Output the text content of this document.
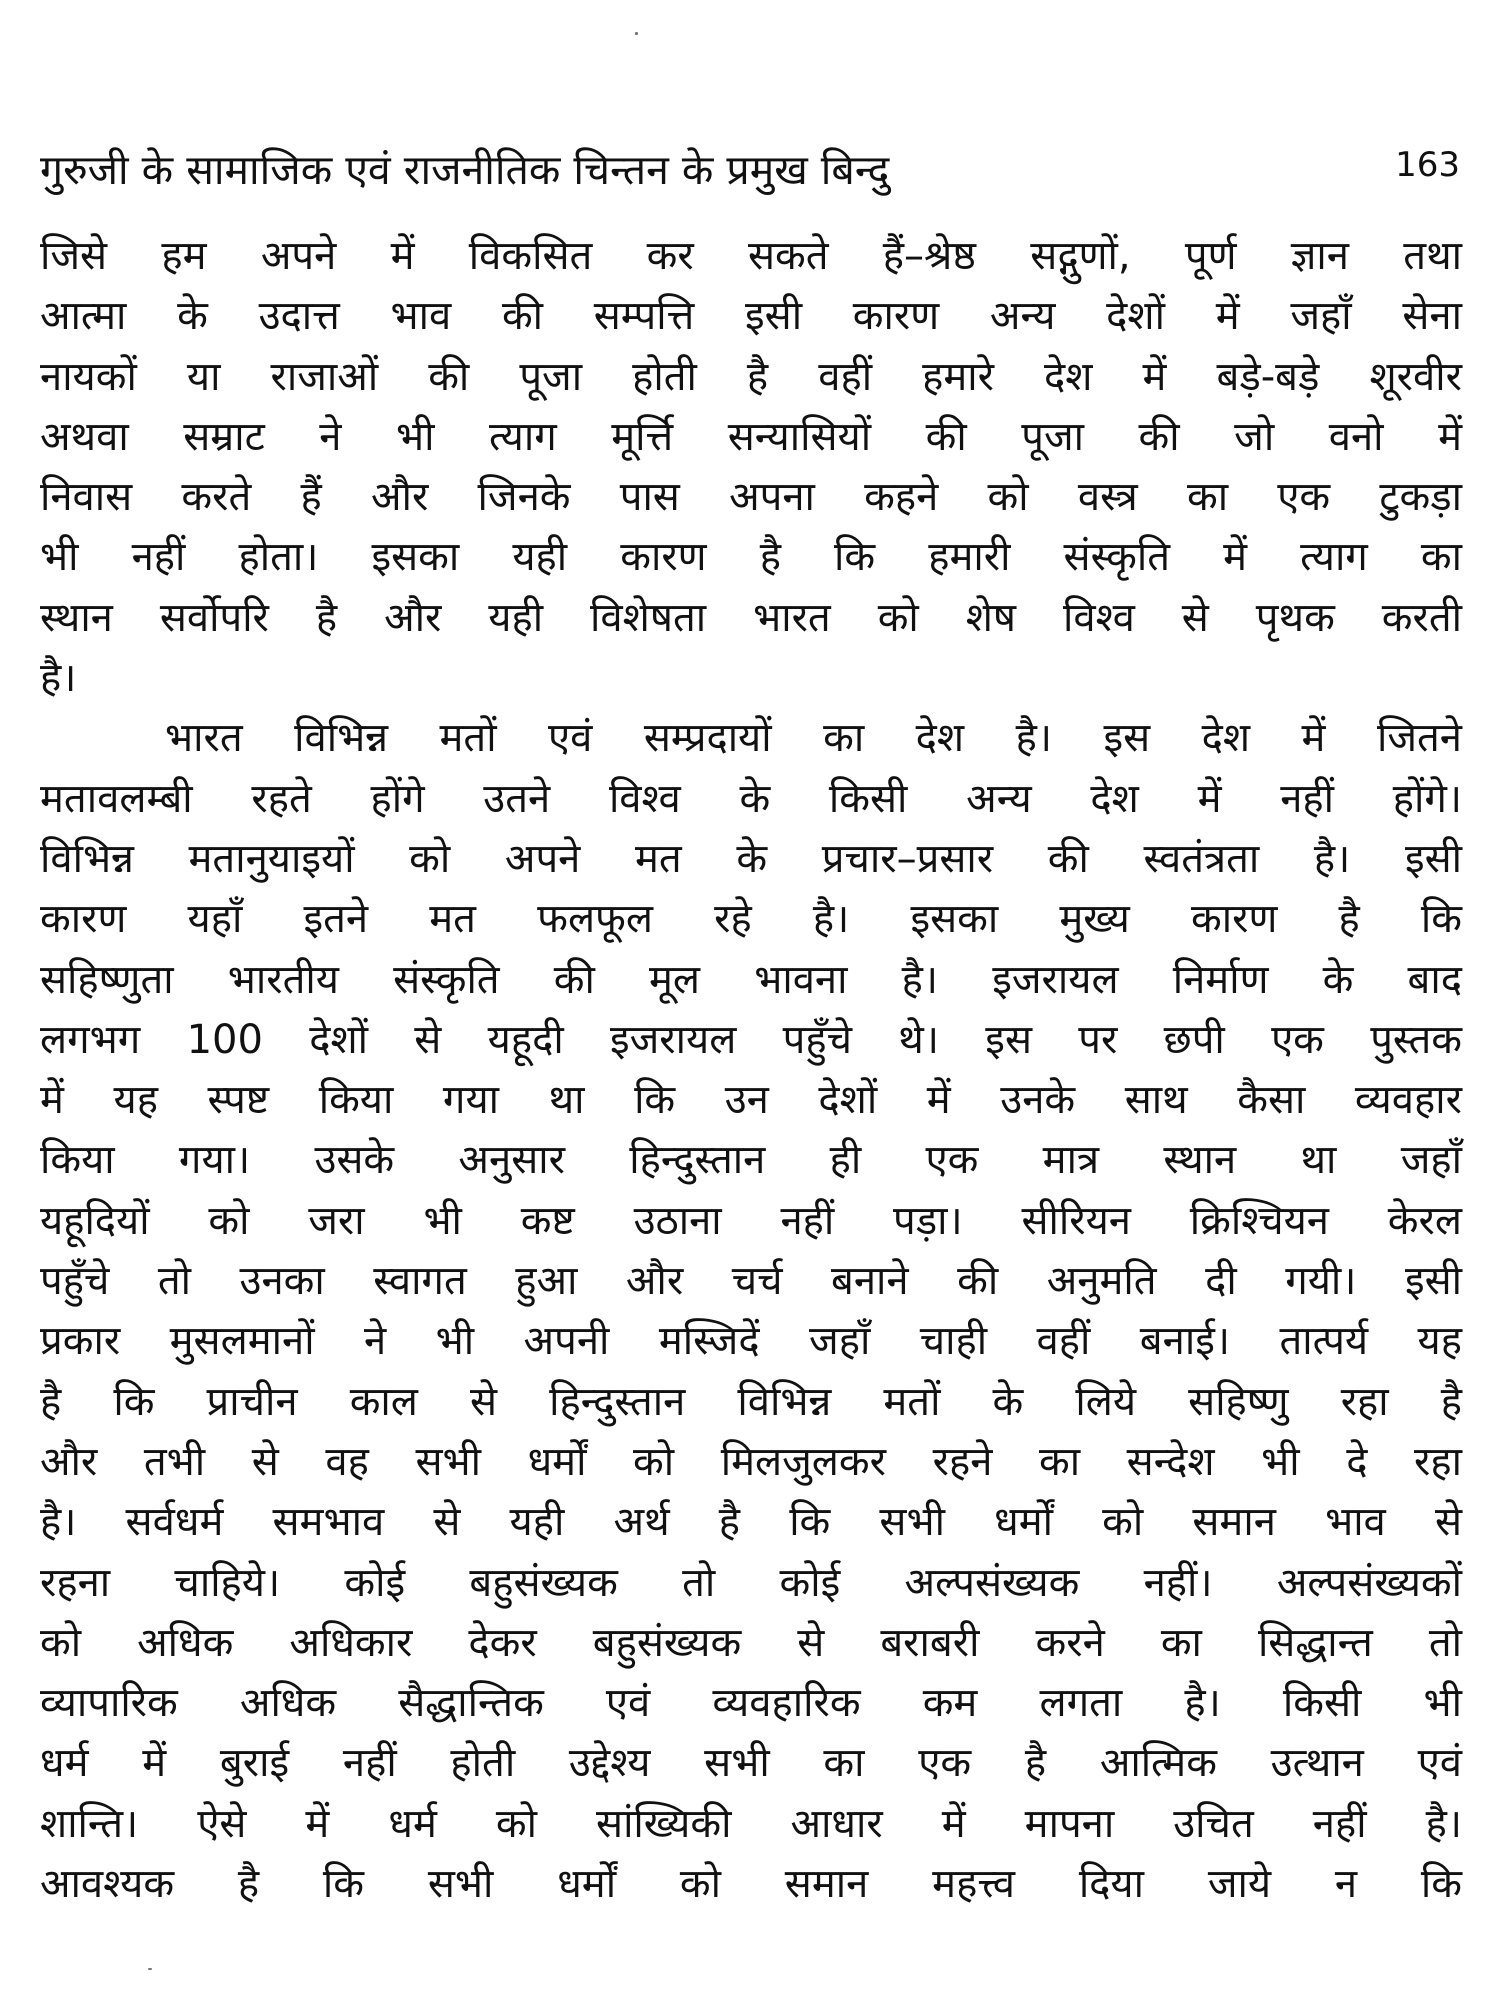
गुरुजी के सामाजिक एवं राजनीतिक चिन्तन के प्रमुख बिन्दु	163
जिसे हम अपने में विकसित कर सकते हैं–श्रेष्ठ सद्गुणों, पूर्ण ज्ञान तथा
आत्मा के उदात्त भाव की सम्पत्ति इसी कारण अन्य देशों में जहाँ सेना
नायकों या राजाओं की पूजा होती है वहीं हमारे देश में बड़े-बड़े शूरवीर
अथवा सम्राट ने भी त्याग मूर्त्ति सन्यासियों की पूजा की जो वनो में
निवास करते हैं और जिनके पास अपना कहने को वस्त्र का एक टुकड़ा
भी नहीं होता। इसका यही कारण है कि हमारी संस्कृति में त्याग का
स्थान सर्वोपरि है और यही विशेषता भारत को शेष विश्व से पृथक करती
है।
भारत विभिन्न मतों एवं सम्प्रदायों का देश है। इस देश में जितने
मतावलम्बी रहते होंगे उतने विश्व के किसी अन्य देश में नहीं होंगे।
विभिन्न मतानुयाइयों को अपने मत के प्रचार–प्रसार की स्वतंत्रता है। इसी
कारण यहाँ इतने मत फलफूल रहे है। इसका मुख्य कारण है कि
सहिष्णुता भारतीय संस्कृति की मूल भावना है। इजरायल निर्माण के बाद
लगभग 100 देशों से यहूदी इजरायल पहुँचे थे। इस पर छपी एक पुस्तक
में यह स्पष्ट किया गया था कि उन देशों में उनके साथ कैसा व्यवहार
किया गया। उसके अनुसार हिन्दुस्तान ही एक मात्र स्थान था जहाँ
यहूदियों को जरा भी कष्ट उठाना नहीं पड़ा। सीरियन क्रिश्चियन केरल
पहुँचे तो उनका स्वागत हुआ और चर्च बनाने की अनुमति दी गयी। इसी
प्रकार मुसलमानों ने भी अपनी मस्जिदें जहाँ चाही वहीं बनाई। तात्पर्य यह
है कि प्राचीन काल से हिन्दुस्तान विभिन्न मतों के लिये सहिष्णु रहा है
और तभी से वह सभी धर्मों को मिलजुलकर रहने का सन्देश भी दे रहा
है। सर्वधर्म समभाव से यही अर्थ है कि सभी धर्मों को समान भाव से
रहना चाहिये। कोई बहुसंख्यक तो कोई अल्पसंख्यक नहीं। अल्पसंख्यकों
को अधिक अधिकार देकर बहुसंख्यक से बराबरी करने का सिद्धान्त तो
व्यापारिक अधिक सैद्धान्तिक एवं व्यवहारिक कम लगता है। किसी भी
धर्म में बुराई नहीं होती उद्देश्य सभी का एक है आत्मिक उत्थान एवं
शान्ति। ऐसे में धर्म को सांख्यिकी आधार में मापना उचित नहीं है।
आवश्यक है कि सभी धर्मों को समान महत्त्व दिया जाये न कि
